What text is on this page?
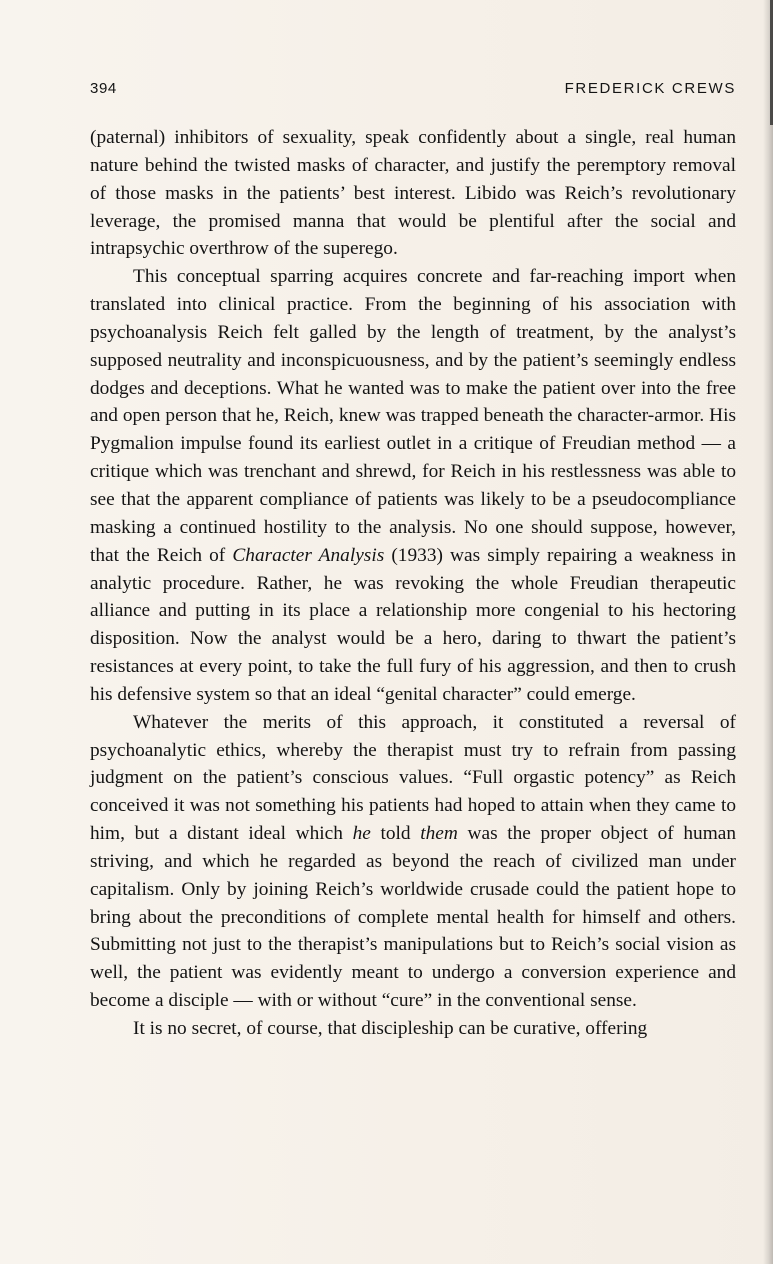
394	FREDERICK CREWS

(paternal) inhibitors of sexuality, speak confidently about a single, real human nature behind the twisted masks of character, and justify the peremptory removal of those masks in the patients’ best interest. Libido was Reich’s revolutionary leverage, the promised manna that would be plentiful after the social and intrapsychic overthrow of the superego.

This conceptual sparring acquires concrete and far-reaching import when translated into clinical practice. From the beginning of his association with psychoanalysis Reich felt galled by the length of treatment, by the analyst’s supposed neutrality and inconspicuousness, and by the patient’s seemingly endless dodges and deceptions. What he wanted was to make the patient over into the free and open person that he, Reich, knew was trapped beneath the character-armor. His Pygmalion impulse found its earliest outlet in a critique of Freudian method — a critique which was trenchant and shrewd, for Reich in his restlessness was able to see that the apparent compliance of patients was likely to be a pseudocompliance masking a continued hostility to the analysis. No one should suppose, however, that the Reich of Character Analysis (1933) was simply repairing a weakness in analytic procedure. Rather, he was revoking the whole Freudian therapeutic alliance and putting in its place a relationship more congenial to his hectoring disposition. Now the analyst would be a hero, daring to thwart the patient’s resistances at every point, to take the full fury of his aggression, and then to crush his defensive system so that an ideal “genital character” could emerge.

Whatever the merits of this approach, it constituted a reversal of psychoanalytic ethics, whereby the therapist must try to refrain from passing judgment on the patient’s conscious values. “Full orgastic potency” as Reich conceived it was not something his patients had hoped to attain when they came to him, but a distant ideal which he told them was the proper object of human striving, and which he regarded as beyond the reach of civilized man under capitalism. Only by joining Reich’s worldwide crusade could the patient hope to bring about the preconditions of complete mental health for himself and others. Submitting not just to the therapist’s manipulations but to Reich’s social vision as well, the patient was evidently meant to undergo a conversion experience and become a disciple — with or without “cure” in the conventional sense.

It is no secret, of course, that discipleship can be curative, offering
